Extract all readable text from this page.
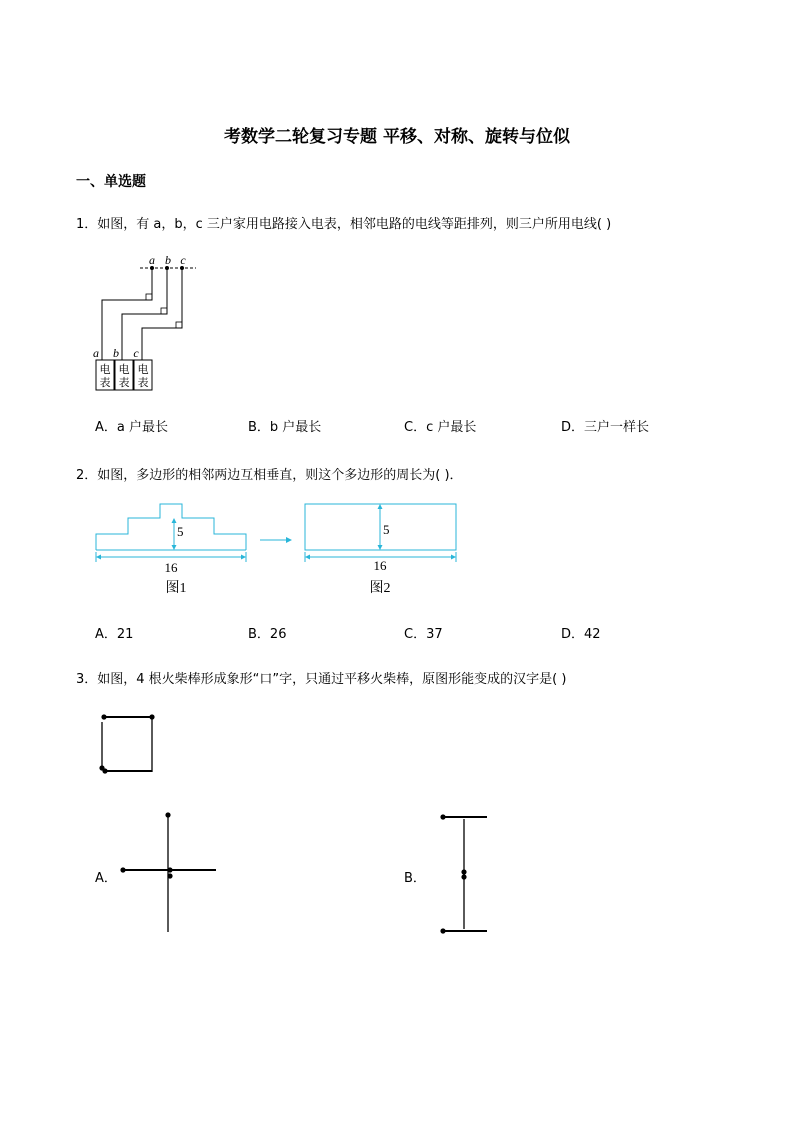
考数学二轮复习专题 平移、对称、旋转与位似
一、单选题
1．如图，有 a，b，c 三户家用电路接入电表，相邻电路的电线等距排列，则三户所用电线( )
电
表
电
表
电
表
a b c
a b c
A．a 户最长	B．b 户最长	C．c 户最长	D．三户一样长
2．如图，多边形的相邻两边互相垂直，则这个多边形的周长为( )．
5
16
图1
5
16
图2
A．21	B．26	C．37	D．42
3．如图，4 根火柴棒形成象形“口”字，只通过平移火柴棒，原图形能变成的汉字是( )
A．	B．
